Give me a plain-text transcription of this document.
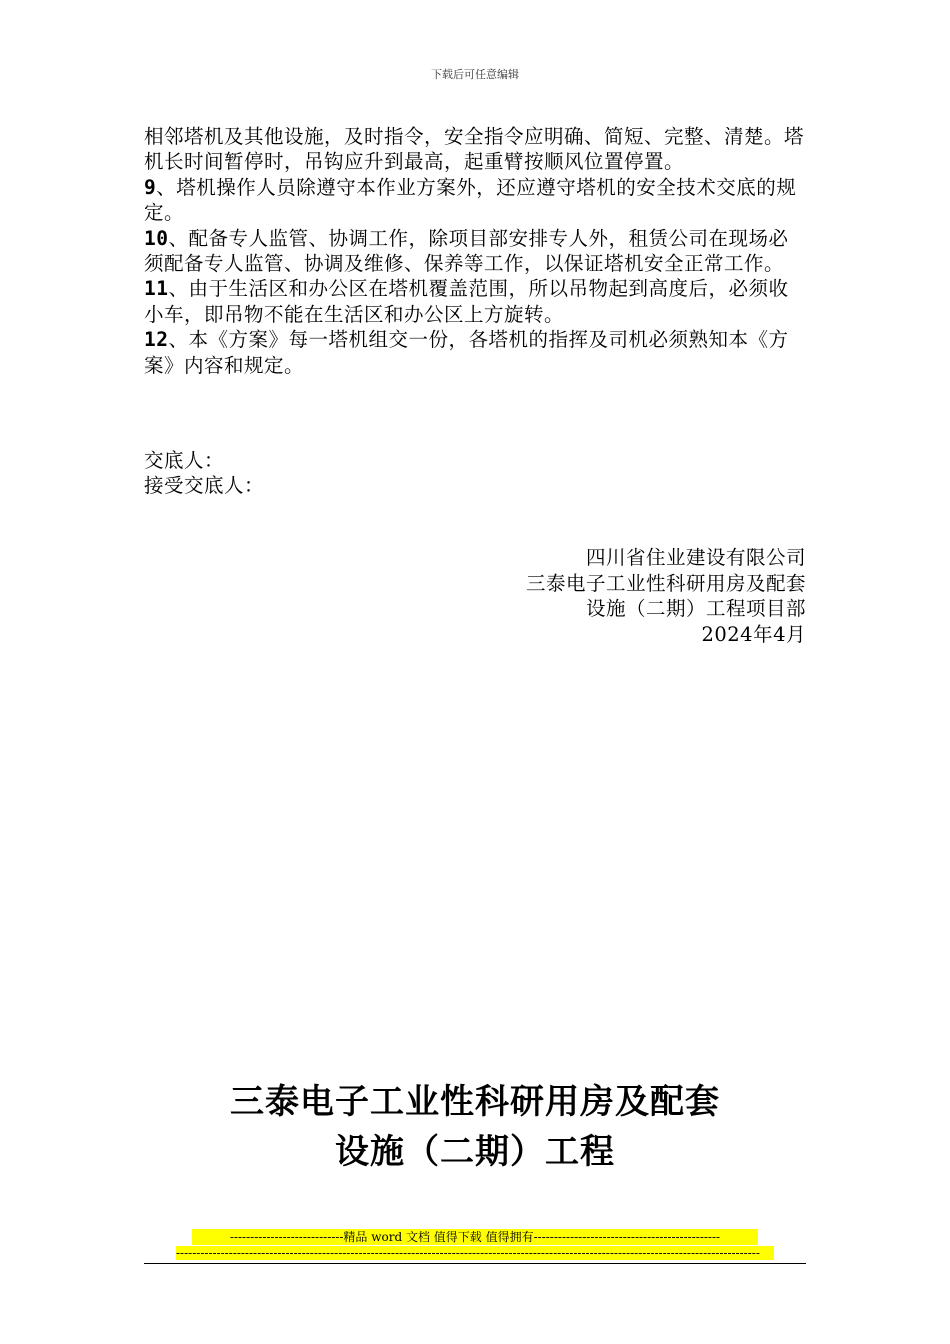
下载后可任意编辑

相邻塔机及其他设施，及时指令，安全指令应明确、简短、完整、清楚。塔机长时间暂停时，吊钩应升到最高，起重臂按顺风位置停置。

9、塔机操作人员除遵守本作业方案外，还应遵守塔机的安全技术交底的规定。

10、配备专人监管、协调工作，除项目部安排专人外，租赁公司在现场必须配备专人监管、协调及维修、保养等工作，以保证塔机安全正常工作。

11、由于生活区和办公区在塔机覆盖范围，所以吊物起到高度后，必须收小车，即吊物不能在生活区和办公区上方旋转。

12、本《方案》每一塔机组交一份，各塔机的指挥及司机必须熟知本《方案》内容和规定。

交底人：

接受交底人：

四川省住业建设有限公司

三泰电子工业性科研用房及配套

设施（二期）工程项目部

2024年4月

三泰电子工业性科研用房及配套
设施（二期）工程
----------------------------精品 word 文档 值得下载 值得拥有----------------------------------------------
------------------------------------------------------------------------------------------------------------------------------------------------
